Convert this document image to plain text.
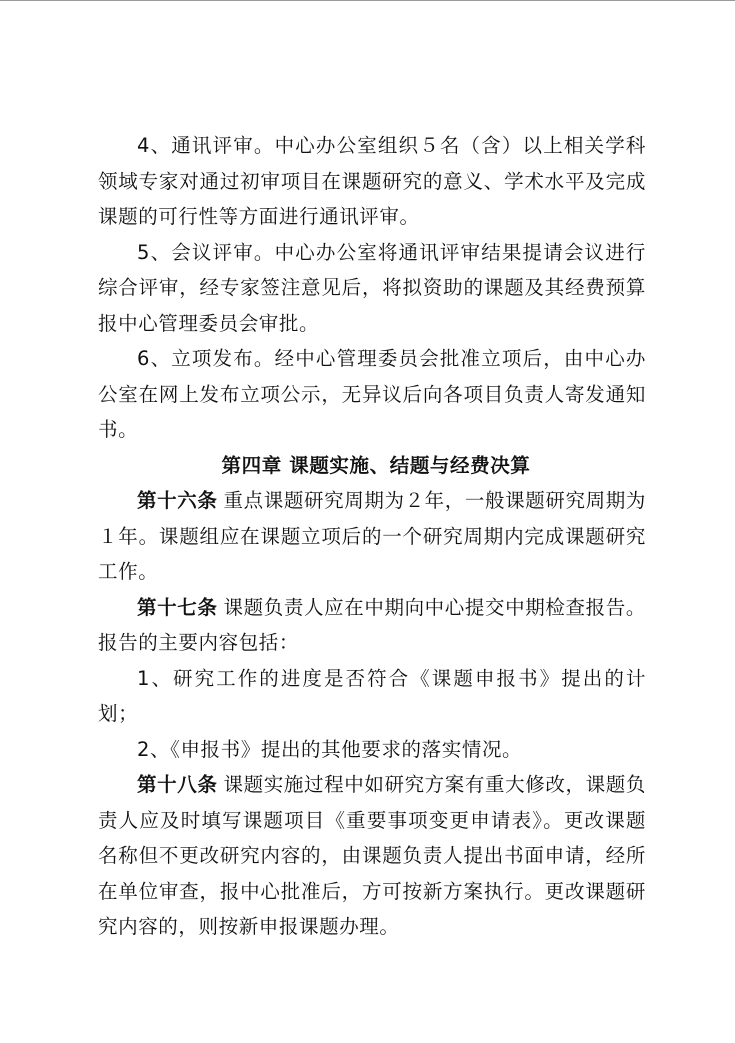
4、通讯评审。中心办公室组织５名（含）以上相关学科领域专家对通过初审项目在课题研究的意义、学术水平及完成课题的可行性等方面进行通讯评审。

5、会议评审。中心办公室将通讯评审结果提请会议进行综合评审，经专家签注意见后，将拟资助的课题及其经费预算报中心管理委员会审批。

6、立项发布。经中心管理委员会批准立项后，由中心办公室在网上发布立项公示，无异议后向各项目负责人寄发通知书。

第四章 课题实施、结题与经费决算

第十六条 重点课题研究周期为２年，一般课题研究周期为１年。课题组应在课题立项后的一个研究周期内完成课题研究工作。

第十七条 课题负责人应在中期向中心提交中期检查报告。报告的主要内容包括：

1、研究工作的进度是否符合《课题申报书》提出的计划；

2、《申报书》提出的其他要求的落实情况。

第十八条 课题实施过程中如研究方案有重大修改，课题负责人应及时填写课题项目《重要事项变更申请表》。更改课题名称但不更改研究内容的，由课题负责人提出书面申请，经所在单位审查，报中心批准后，方可按新方案执行。更改课题研究内容的，则按新申报课题办理。
